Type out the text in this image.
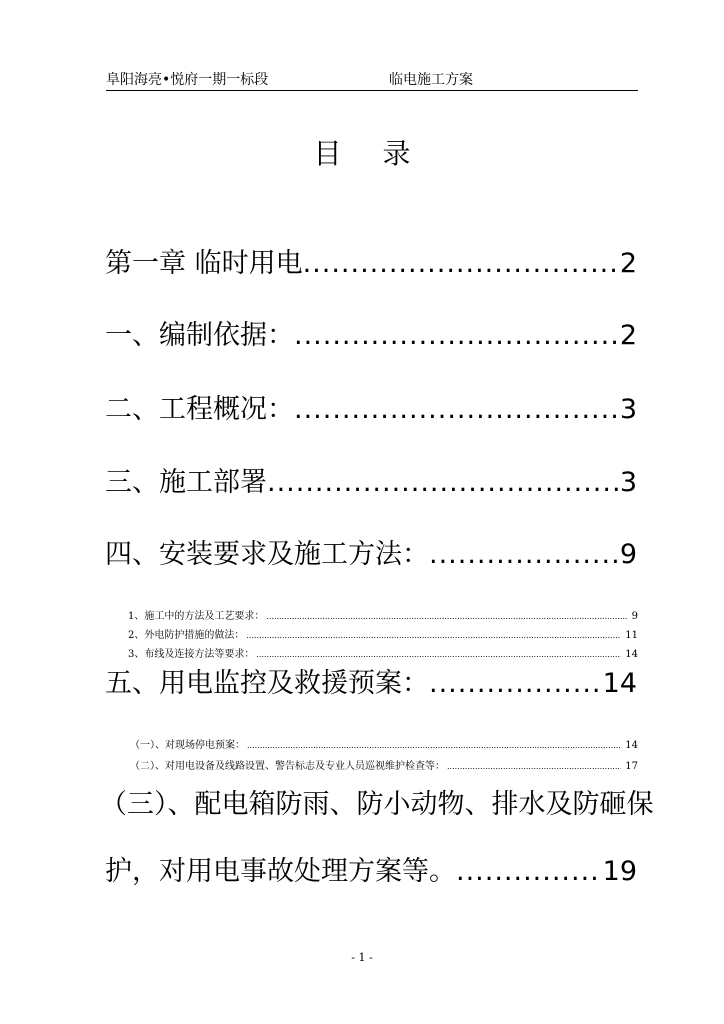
阜阳海亮•悦府一期一标段	临电施工方案
目 录
第一章 临时用电 .....	2
一、编制依据： .....	2
二、工程概况： .....	3
三、施工部署 .....	3
四、安装要求及施工方法： .....	9
1、施工中的方法及工艺要求： .....	9
2、外电防护措施的做法： .....	11
3、布线及连接方法等要求： .....	14
五、用电监控及救援预案： .....	14
（一）、对现场停电预案： .....	14
（二）、对用电设备及线路设置、警告标志及专业人员巡视维护检查等： .....	17
（三）、配电箱防雨、防小动物、排水及防砸保
护，对用电事故处理方案等。 .....	19
- 1 -
